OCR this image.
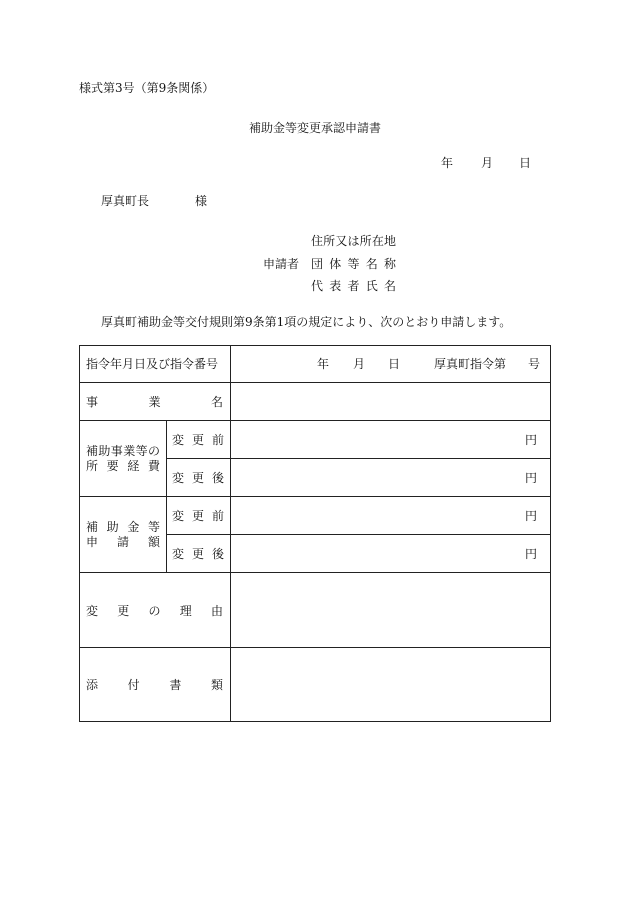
様式第3号（第9条関係）
補助金等変更承認申請書
年 月 日
厚真町長	様
住所又は所在地
申請者 団体等名称
代表者氏名
厚真町補助金等交付規則第9条第1項の規定により、次のとおり申請します。
指令年月日及び指令番号	年 月 日	厚真町指令第 号
事業名
補助事業等の
所要経費
変更前	円
変更後	円
補助金等
申請額
変更前	円
変更後	円
変更の理由
添付書類
